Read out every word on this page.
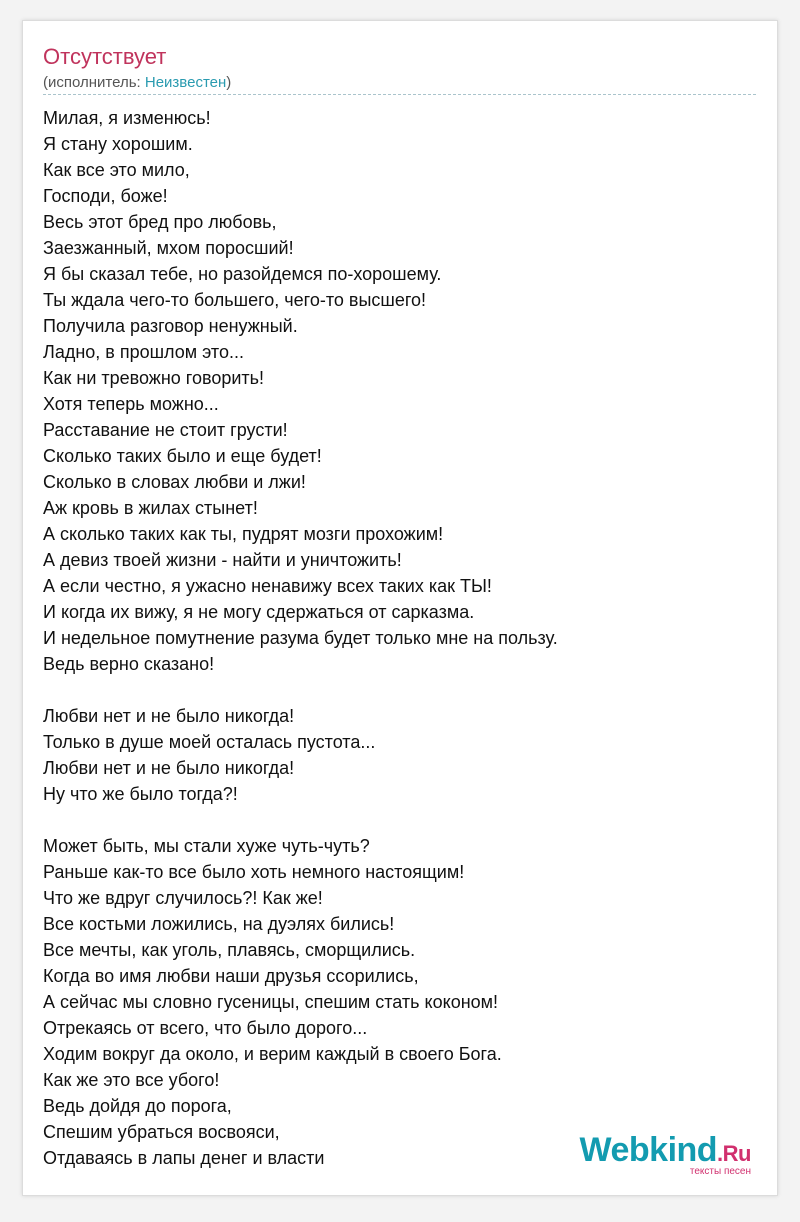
Отсутствует
(исполнитель: Неизвестен)
Милая, я изменюсь!
Я стану хорошим.
Как все это мило,
Господи, боже!
Весь этот бред про любовь,
Заезжанный, мхом поросший!
Я бы сказал тебе, но разойдемся по-хорошему.
Ты ждала чего-то большего, чего-то высшего!
Получила разговор ненужный.
Ладно, в прошлом это...
Как ни тревожно говорить!
Хотя теперь можно...
Расставание не стоит грусти!
Сколько таких было и еще будет!
Сколько в словах любви и лжи!
Аж кровь в жилах стынет!
А сколько таких как ты, пудрят мозги прохожим!
А девиз твоей жизни - найти и уничтожить!
А если честно, я ужасно ненавижу всех таких как ТЫ!
И когда их вижу, я не могу сдержаться от сарказма.
И недельное помутнение разума будет только мне на пользу.
Ведь верно сказано!
Любви нет и не было никогда!
Только в душе моей осталась пустота...
Любви нет и не было никогда!
Ну что же было тогда?!
Может быть, мы стали хуже чуть-чуть?
Раньше как-то все было хоть немного настоящим!
Что же вдруг случилось?! Как же!
Все костьми ложились, на дуэлях бились!
Все мечты, как уголь, плавясь, сморщились.
Когда во имя любви наши друзья ссорились,
А сейчас мы словно гусеницы, спешим стать коконом!
Отрекаясь от всего, что было дорого...
Ходим вокруг да около, и верим каждый в своего Бога.
Как же это все убого!
Ведь дойдя до порога,
Спешим убраться восвояси,
Отдаваясь в лапы денег и власти	Webkind.Ru
тексты песен
